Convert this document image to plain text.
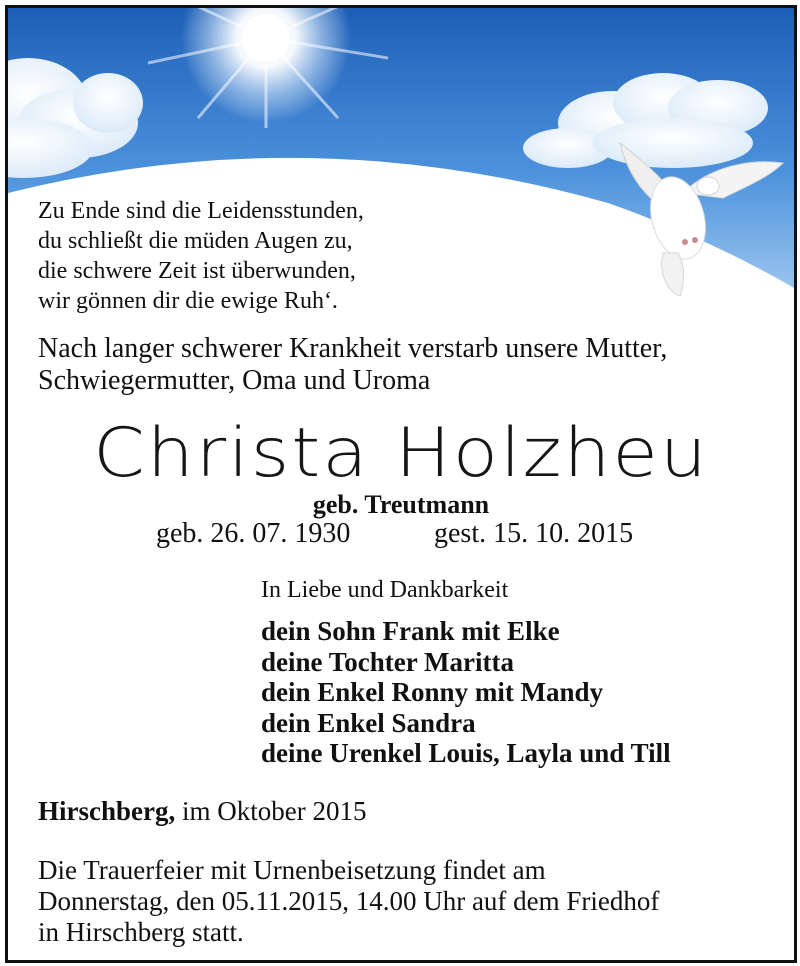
Zu Ende sind die Leidensstunden,
du schließt die müden Augen zu,
die schwere Zeit ist überwunden,
wir gönnen dir die ewige Ruh‘.
Nach langer schwerer Krankheit verstarb unsere Mutter,
Schwiegermutter, Oma und Uroma
Christa Holzheu
geb. Treutmann
geb. 26. 07. 1930	gest. 15. 10. 2015
In Liebe und Dankbarkeit
dein Sohn Frank mit Elke
deine Tochter Maritta
dein Enkel Ronny mit Mandy
dein Enkel Sandra
deine Urenkel Louis, Layla und Till
Hirschberg, im Oktober 2015
Die Trauerfeier mit Urnenbeisetzung findet am
Donnerstag, den 05.11.2015, 14.00 Uhr auf dem Friedhof
in Hirschberg statt.
